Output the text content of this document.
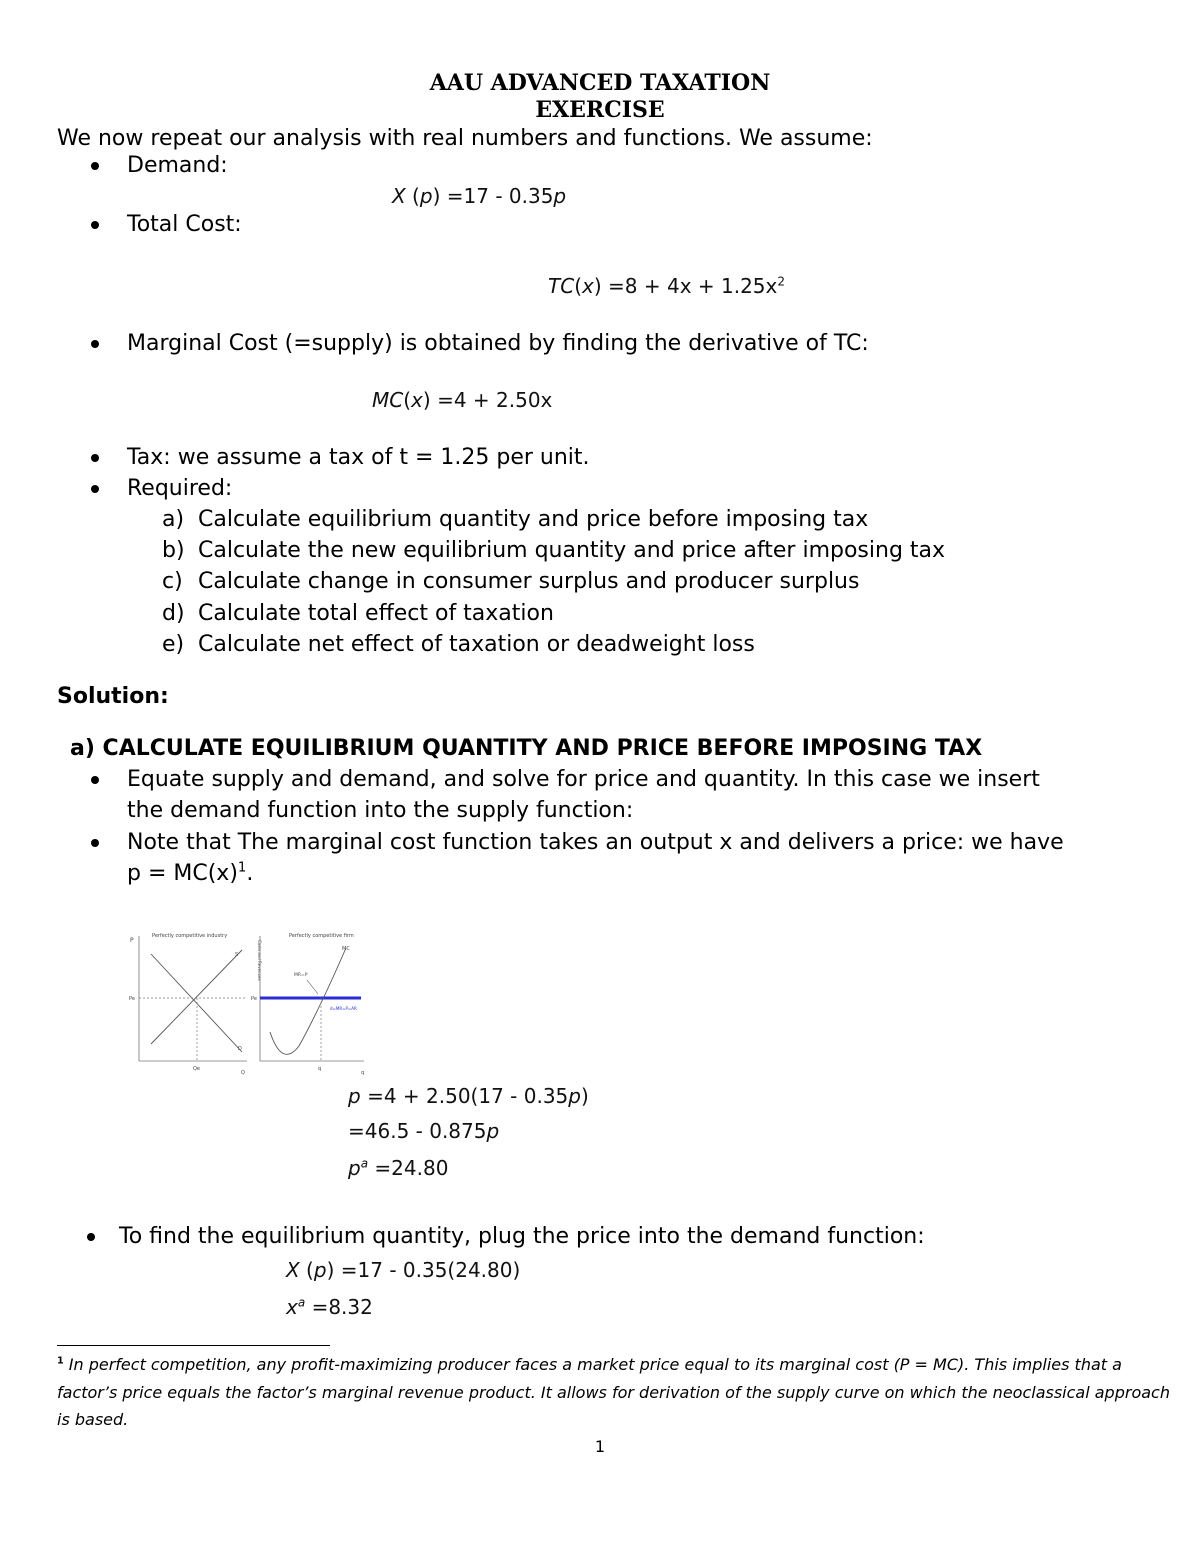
AAU ADVANCED TAXATION
EXERCISE
We now repeat our analysis with real numbers and functions. We assume:
Demand:
X (p) =17 - 0.35p
Total Cost:
$TC(x) =8 + 4x + 1.25x^2$
Marginal Cost (=supply) is obtained by finding the derivative of TC:
MC(x) =4 + 2.50x
Tax: we assume a tax of t = 1.25 per unit.
Required:
a) Calculate equilibrium quantity and price before imposing tax
b) Calculate the new equilibrium quantity and price after imposing tax
c) Calculate change in consumer surplus and producer surplus
d) Calculate total effect of taxation
e) Calculate net effect of taxation or deadweight loss
Solution:
a) CALCULATE EQUILIBRIUM QUANTITY AND PRICE BEFORE IMPOSING TAX
Equate supply and demand, and solve for price and quantity. In this case we insert
the demand function into the supply function:
Note that The marginal cost function takes an output x and delivers a price: we have
$p = MC(x)^1$.
Perfectly competitive industry
P
Pe
S
D
Qe
Q
Perfectly competitive firm
Costs and Revenues
Pe
MC
MR=P
d=MR=P=AR
q
q
p =4 + 2.50(17 - 0.35p)
=46.5 - 0.875p
$p^a =24.80$
To find the equilibrium quantity, plug the price into the demand function:
X (p) =17 - 0.35(24.80)
$x^a =8.32$
$^1$ In perfect competition, any profit-maximizing producer faces a market price equal to its marginal cost (P = MC). This implies that a
factor’s price equals the factor’s marginal revenue product. It allows for derivation of the supply curve on which the neoclassical approach
is based.
1
